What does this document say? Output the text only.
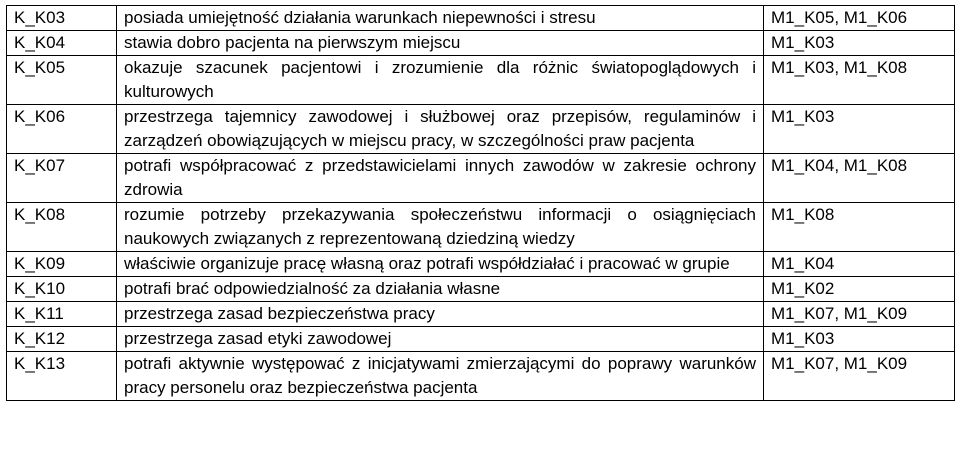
K_K03	posiada umiejętność działania warunkach niepewności i stresu	M1_K05, M1_K06
K_K04	stawia dobro pacjenta na pierwszym miejscu	M1_K03
K_K05	okazuje szacunek pacjentowi i zrozumienie dla różnic światopoglądowych i kulturowych	M1_K03, M1_K08
K_K06	przestrzega tajemnicy zawodowej i służbowej oraz przepisów, regulaminów i zarządzeń obowiązujących w miejscu pracy, w szczególności praw pacjenta	M1_K03
K_K07	potrafi współpracować z przedstawicielami innych zawodów w zakresie ochrony zdrowia	M1_K04, M1_K08
K_K08	rozumie potrzeby przekazywania społeczeństwu informacji o osiągnięciach naukowych związanych z reprezentowaną dziedziną wiedzy	M1_K08
K_K09	właściwie organizuje pracę własną oraz potrafi współdziałać i pracować w grupie	M1_K04
K_K10	potrafi brać odpowiedzialność za działania własne	M1_K02
K_K11	przestrzega zasad bezpieczeństwa pracy	M1_K07, M1_K09
K_K12	przestrzega zasad etyki zawodowej	M1_K03
K_K13	potrafi aktywnie występować z inicjatywami zmierzającymi do poprawy warunków pracy personelu oraz bezpieczeństwa pacjenta	M1_K07, M1_K09
